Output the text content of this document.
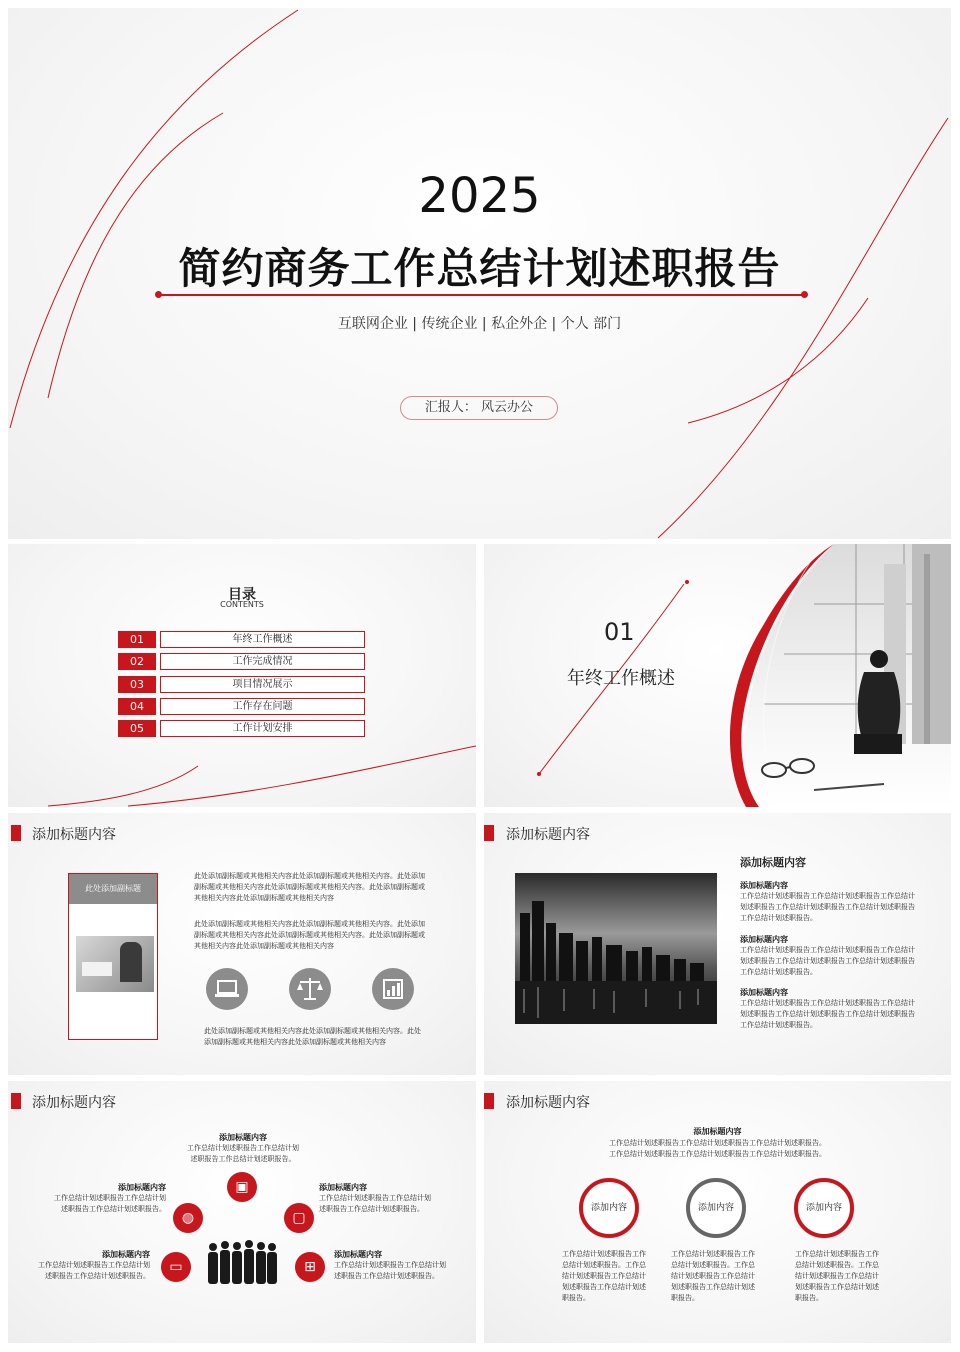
2025
简约商务工作总结计划述职报告
互联网企业 | 传统企业 | 私企外企 | 个人 部门
汇报人： 风云办公
目录
CONTENTS
01	年终工作概述
02	工作完成情况
03	项目情况展示
04	工作存在问题
05	工作计划安排
01
年终工作概述
添加标题内容
此处添加副标题
此处添加副标题或其他相关内容此处添加副标题或其他相关内容。此处添加副标题或其他相关内容此处添加副标题或其他相关内容。此处添加副标题或其他相关内容此处添加副标题或其他相关内容
此处添加副标题或其他相关内容此处添加副标题或其他相关内容。此处添加副标题或其他相关内容此处添加副标题或其他相关内容。此处添加副标题或其他相关内容此处添加副标题或其他相关内容
此处添加副标题或其他相关内容此处添加副标题或其他相关内容。此处添加副标题或其他相关内容此处添加副标题或其他相关内容
添加标题内容
添加标题内容
添加标题内容
工作总结计划述职报告工作总结计划述职报告工作总结计划述职报告工作总结计划述职报告工作总结计划述职报告工作总结计划述职报告。
添加标题内容
工作总结计划述职报告工作总结计划述职报告工作总结计划述职报告工作总结计划述职报告工作总结计划述职报告工作总结计划述职报告。
添加标题内容
工作总结计划述职报告工作总结计划述职报告工作总结计划述职报告工作总结计划述职报告工作总结计划述职报告工作总结计划述职报告。
添加标题内容
添加标题内容
工作总结计划述职报告工作总结计划
述职报告工作总结计划述职报告。
添加标题内容
工作总结计划述职报告工作总结计划
述职报告工作总结计划述职报告。
添加标题内容
工作总结计划述职报告工作总结计划
述职报告工作总结计划述职报告。
添加标题内容
工作总结计划述职报告工作总结计划
述职报告工作总结计划述职报告。
添加标题内容
工作总结计划述职报告工作总结计划
述职报告工作总结计划述职报告。
▣
◍	▢
▭	⊞
添加标题内容
添加标题内容
工作总结计划述职报告工作总结计划述职报告工作总结计划述职报告。
工作总结计划述职报告工作总结计划述职报告工作总结计划述职报告。
添加内容	添加内容	添加内容
工作总结计划述职报告工作总结计划述职报告。工作总结计划述职报告工作总结计划述职报告工作总结计划述职报告。
工作总结计划述职报告工作总结计划述职报告。工作总结计划述职报告工作总结计划述职报告工作总结计划述职报告。
工作总结计划述职报告工作总结计划述职报告。工作总结计划述职报告工作总结计划述职报告工作总结计划述职报告。
